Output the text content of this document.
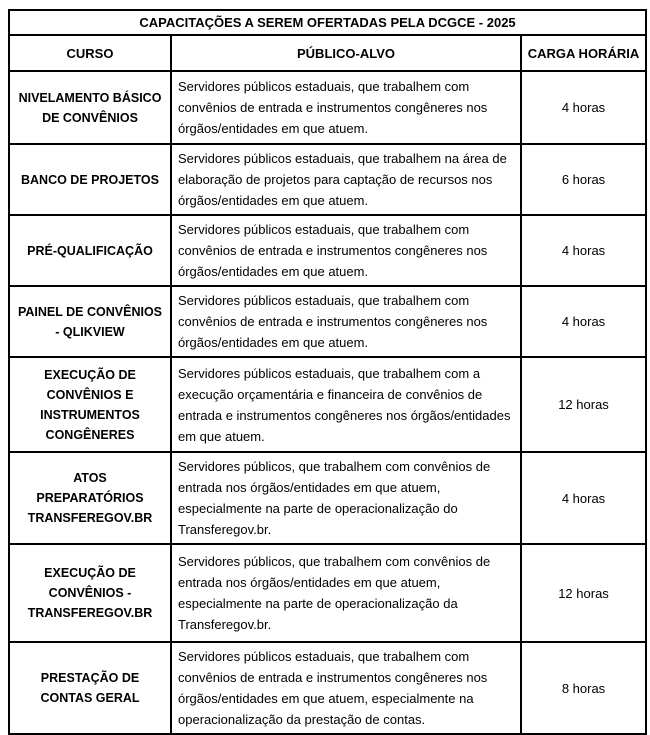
CAPACITAÇÕES A SEREM OFERTADAS PELA DCGCE - 2025		
CURSO	PÚBLICO-ALVO	CARGA HORÁRIA
NIVELAMENTO BÁSICO DE CONVÊNIOS	Servidores públicos estaduais, que trabalhem com convênios de entrada e instrumentos congêneres nos órgãos/entidades em que atuem.	4 horas
BANCO DE PROJETOS	Servidores públicos estaduais, que trabalhem na área de elaboração de projetos para captação de recursos nos órgãos/entidades em que atuem.	6 horas
PRÉ-QUALIFICAÇÃO	Servidores públicos estaduais, que trabalhem com convênios de entrada e instrumentos congêneres nos órgãos/entidades em que atuem.	4 horas
PAINEL DE CONVÊNIOS - QLIKVIEW	Servidores públicos estaduais, que trabalhem com convênios de entrada e instrumentos congêneres nos órgãos/entidades em que atuem.	4 horas
EXECUÇÃO DE CONVÊNIOS E INSTRUMENTOS CONGÊNERES	Servidores públicos estaduais, que trabalhem com a execução orçamentária e financeira de convênios de entrada e instrumentos congêneres nos órgãos/entidades em que atuem.	12 horas
ATOS PREPARATÓRIOS TRANSFEREGOV.BR	Servidores públicos, que trabalhem com convênios de entrada nos órgãos/entidades em que atuem, especialmente na parte de operacionalização do Transferegov.br.	4 horas
EXECUÇÃO DE CONVÊNIOS - TRANSFEREGOV.BR	Servidores públicos, que trabalhem com convênios de entrada nos órgãos/entidades em que atuem, especialmente na parte de operacionalização da Transferegov.br.	12 horas
PRESTAÇÃO DE CONTAS GERAL	Servidores públicos estaduais, que trabalhem com convênios de entrada e instrumentos congêneres nos órgãos/entidades em que atuem, especialmente na operacionalização da prestação de contas.	8 horas
